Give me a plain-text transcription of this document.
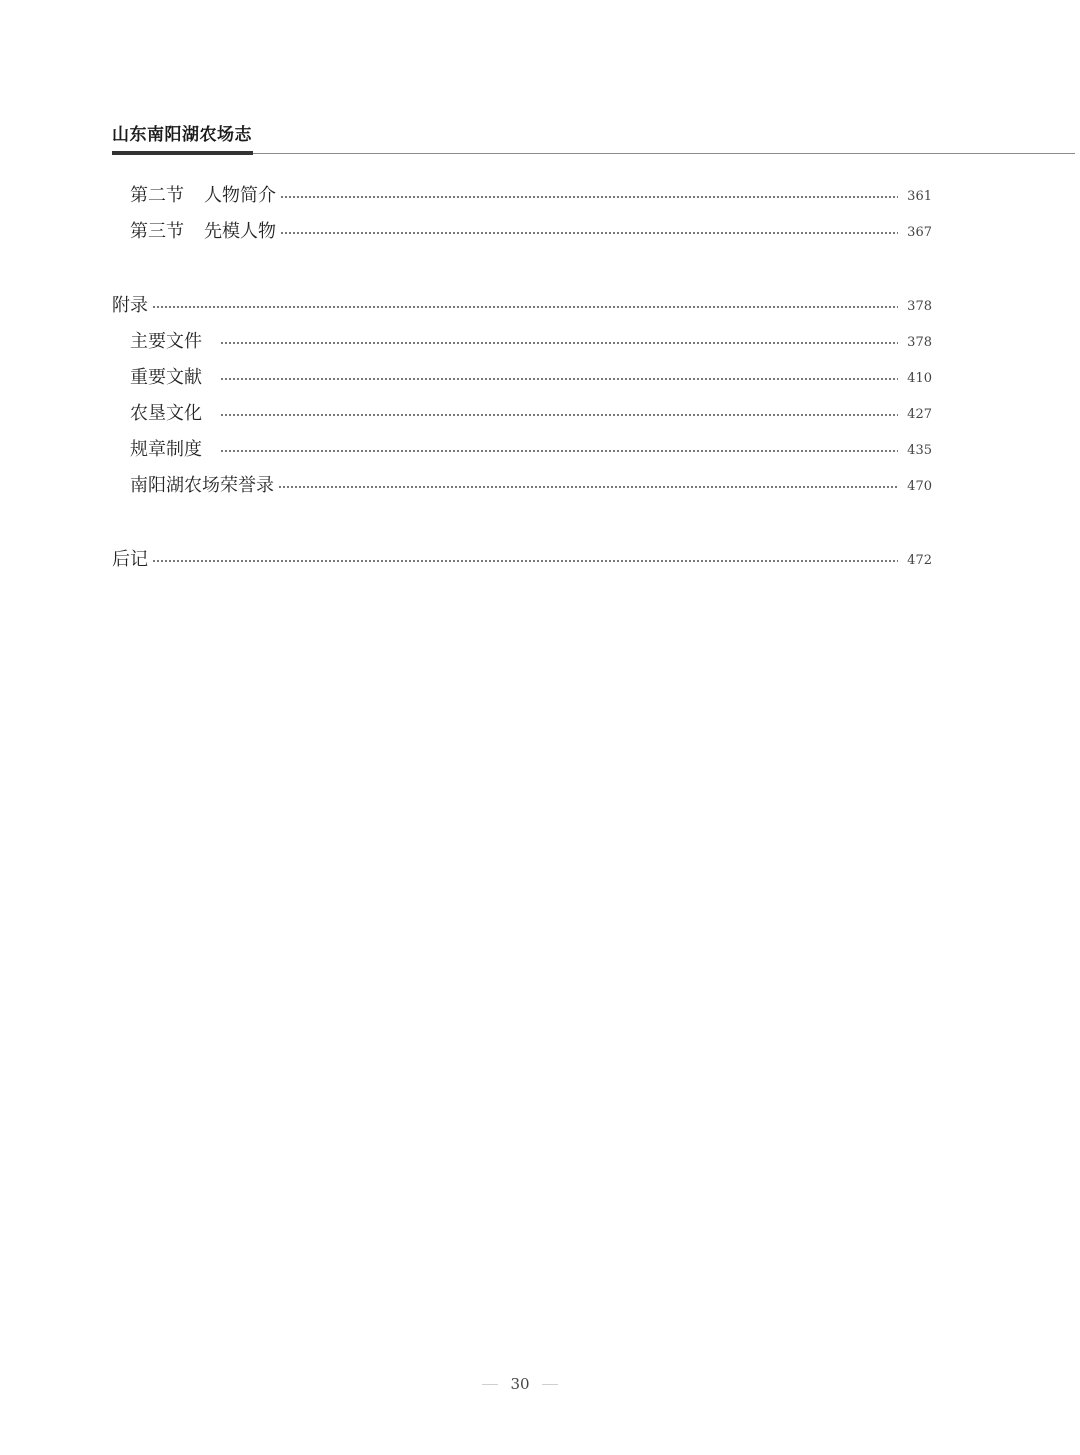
山东南阳湖农场志
第二节 人物简介	361
第三节 先模人物	367
附录	378
主要文件	378
重要文献	410
农垦文化	427
规章制度	435
南阳湖农场荣誉录	470
后记	472
30
